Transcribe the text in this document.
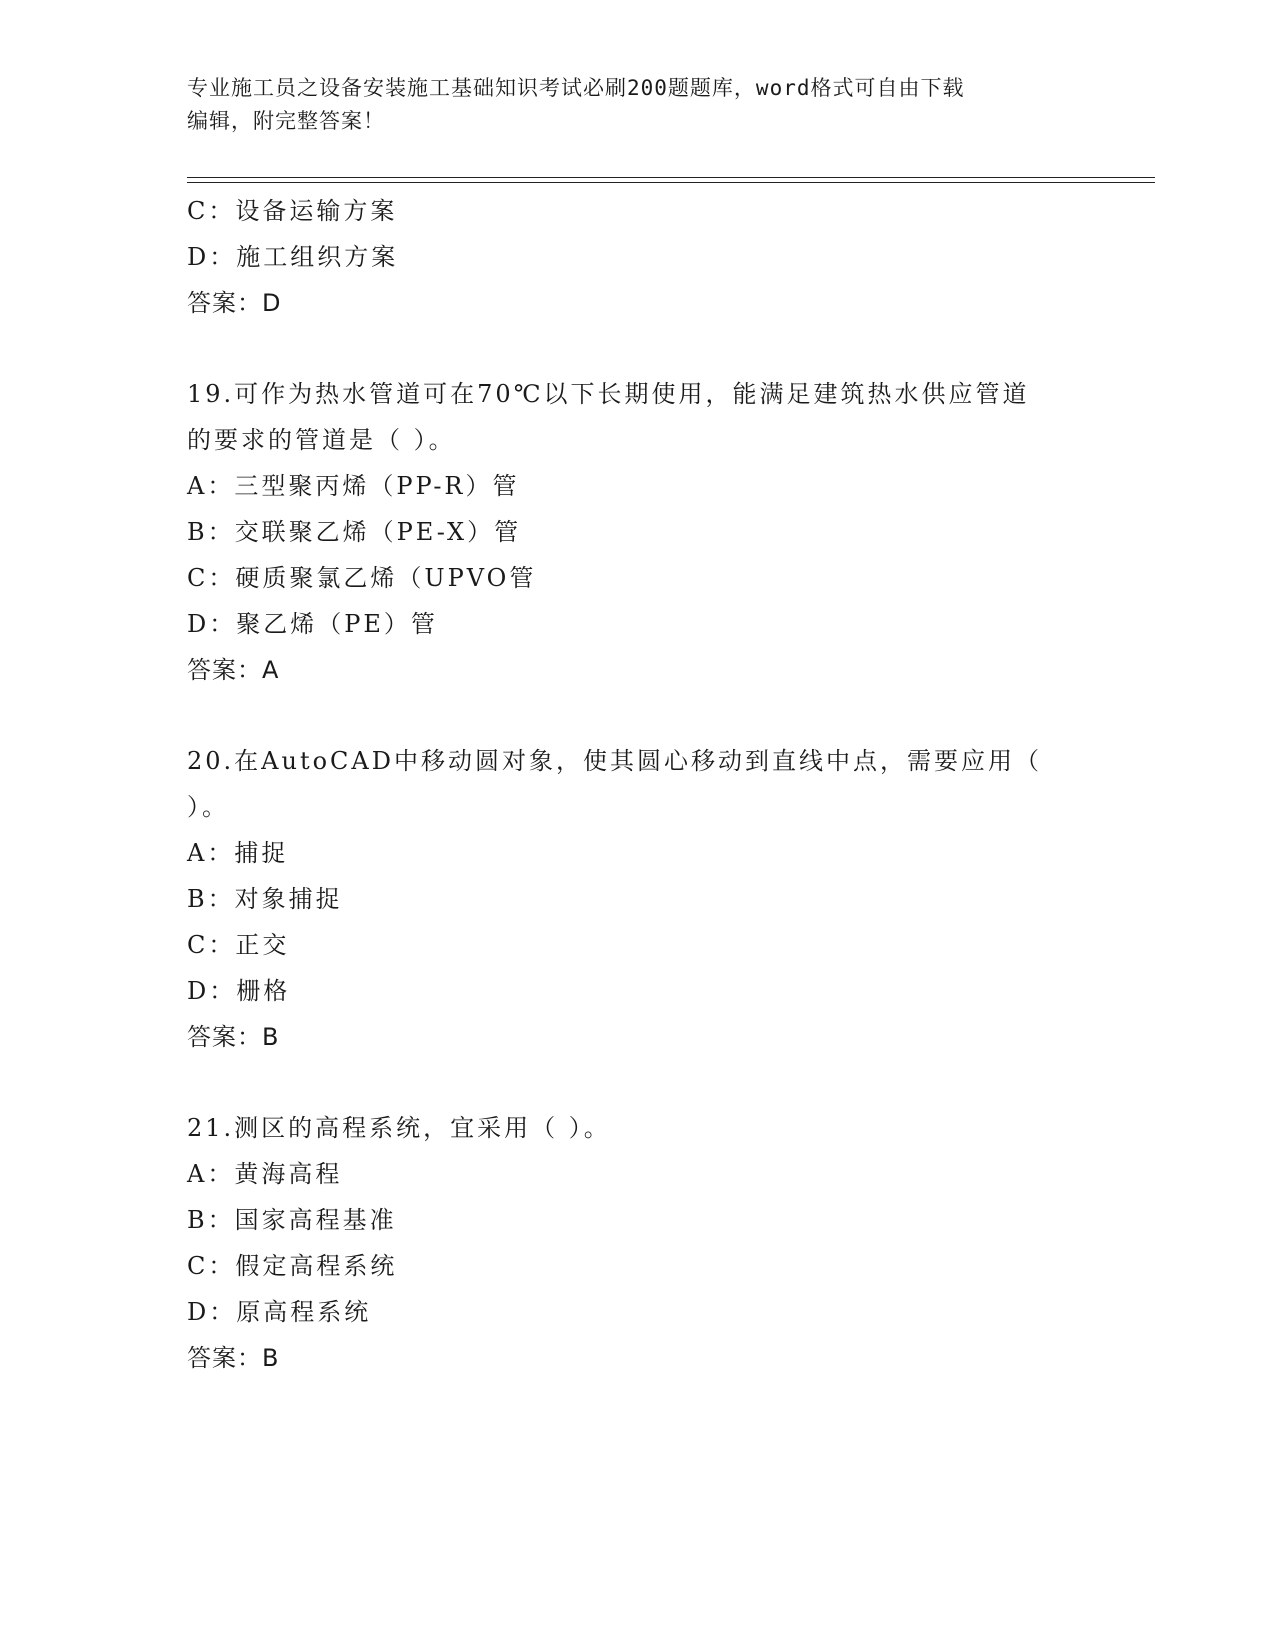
专业施工员之设备安装施工基础知识考试必刷200题题库，word格式可自由下载
编辑，附完整答案！
C：设备运输方案
D：施工组织方案
答案：D
19.可作为热水管道可在70℃以下长期使用，能满足建筑热水供应管道
的要求的管道是（ ）。
A：三型聚丙烯（PP-R）管
B：交联聚乙烯（PE-X）管
C：硬质聚氯乙烯（UPVO管
D：聚乙烯（PE）管
答案：A
20.在AutoCAD中移动圆对象，使其圆心移动到直线中点，需要应用（
）。
A：捕捉
B：对象捕捉
C：正交
D：栅格
答案：B
21.测区的高程系统，宜采用（ ）。
A：黄海高程
B：国家高程基准
C：假定高程系统
D：原高程系统
答案：B
